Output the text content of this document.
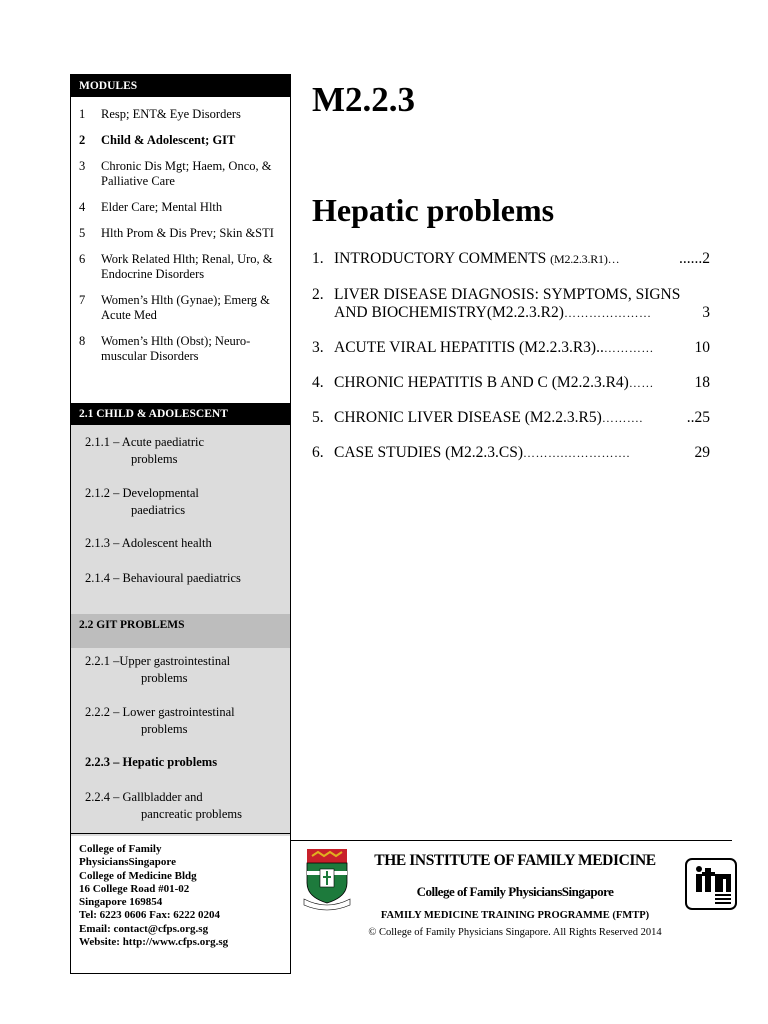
MODULES
1	Resp; ENT& Eye Disorders
2	Child & Adolescent; GIT
3	Chronic Dis Mgt; Haem, Onco, & Palliative Care
4	Elder Care; Mental Hlth
5	Hlth Prom & Dis Prev; Skin &STI
6	Work Related Hlth; Renal, Uro, & Endocrine Disorders
7	Women’s Hlth (Gynae); Emerg & Acute Med
8	Women’s Hlth (Obst); Neuro-muscular Disorders
2.1 CHILD & ADOLESCENT
2.1.1 – Acute paediatric
problems
2.1.2 – Developmental
paediatrics
2.1.3 – Adolescent health
2.1.4 – Behavioural paediatrics
2.2 GIT PROBLEMS
2.2.1 –Upper gastrointestinal
problems
2.2.2 – Lower gastrointestinal
problems
2.2.3 – Hepatic problems
2.2.4 – Gallbladder and
pancreatic problems
College of Family
PhysiciansSingapore
College of Medicine Bldg
16 College Road #01-02
Singapore 169854
Tel: 6223 0606 Fax: 6222 0204
Email: contact@cfps.org.sg
Website: http://www.cfps.org.sg
M2.2.3
Hepatic problems
1. INTRODUCTORY COMMENTS (M2.2.3.R1)…	......2
2. LIVER DISEASE DIAGNOSIS: SYMPTOMS, SIGNS
AND BIOCHEMISTRY(M2.2.3.R2)…………………	3
3. ACUTE VIRAL HEPATITIS (M2.2.3.R3)..…………	10
4. CHRONIC HEPATITIS B AND C (M2.2.3.R4)……	18
5. CHRONIC LIVER DISEASE (M2.2.3.R5)……….	..25
6. CASE STUDIES (M2.2.3.CS)……….…………….	29
THE INSTITUTE OF FAMILY MEDICINE
College of Family PhysiciansSingapore
FAMILY MEDICINE TRAINING PROGRAMME (FMTP)
© College of Family Physicians Singapore. All Rights Reserved 2014
